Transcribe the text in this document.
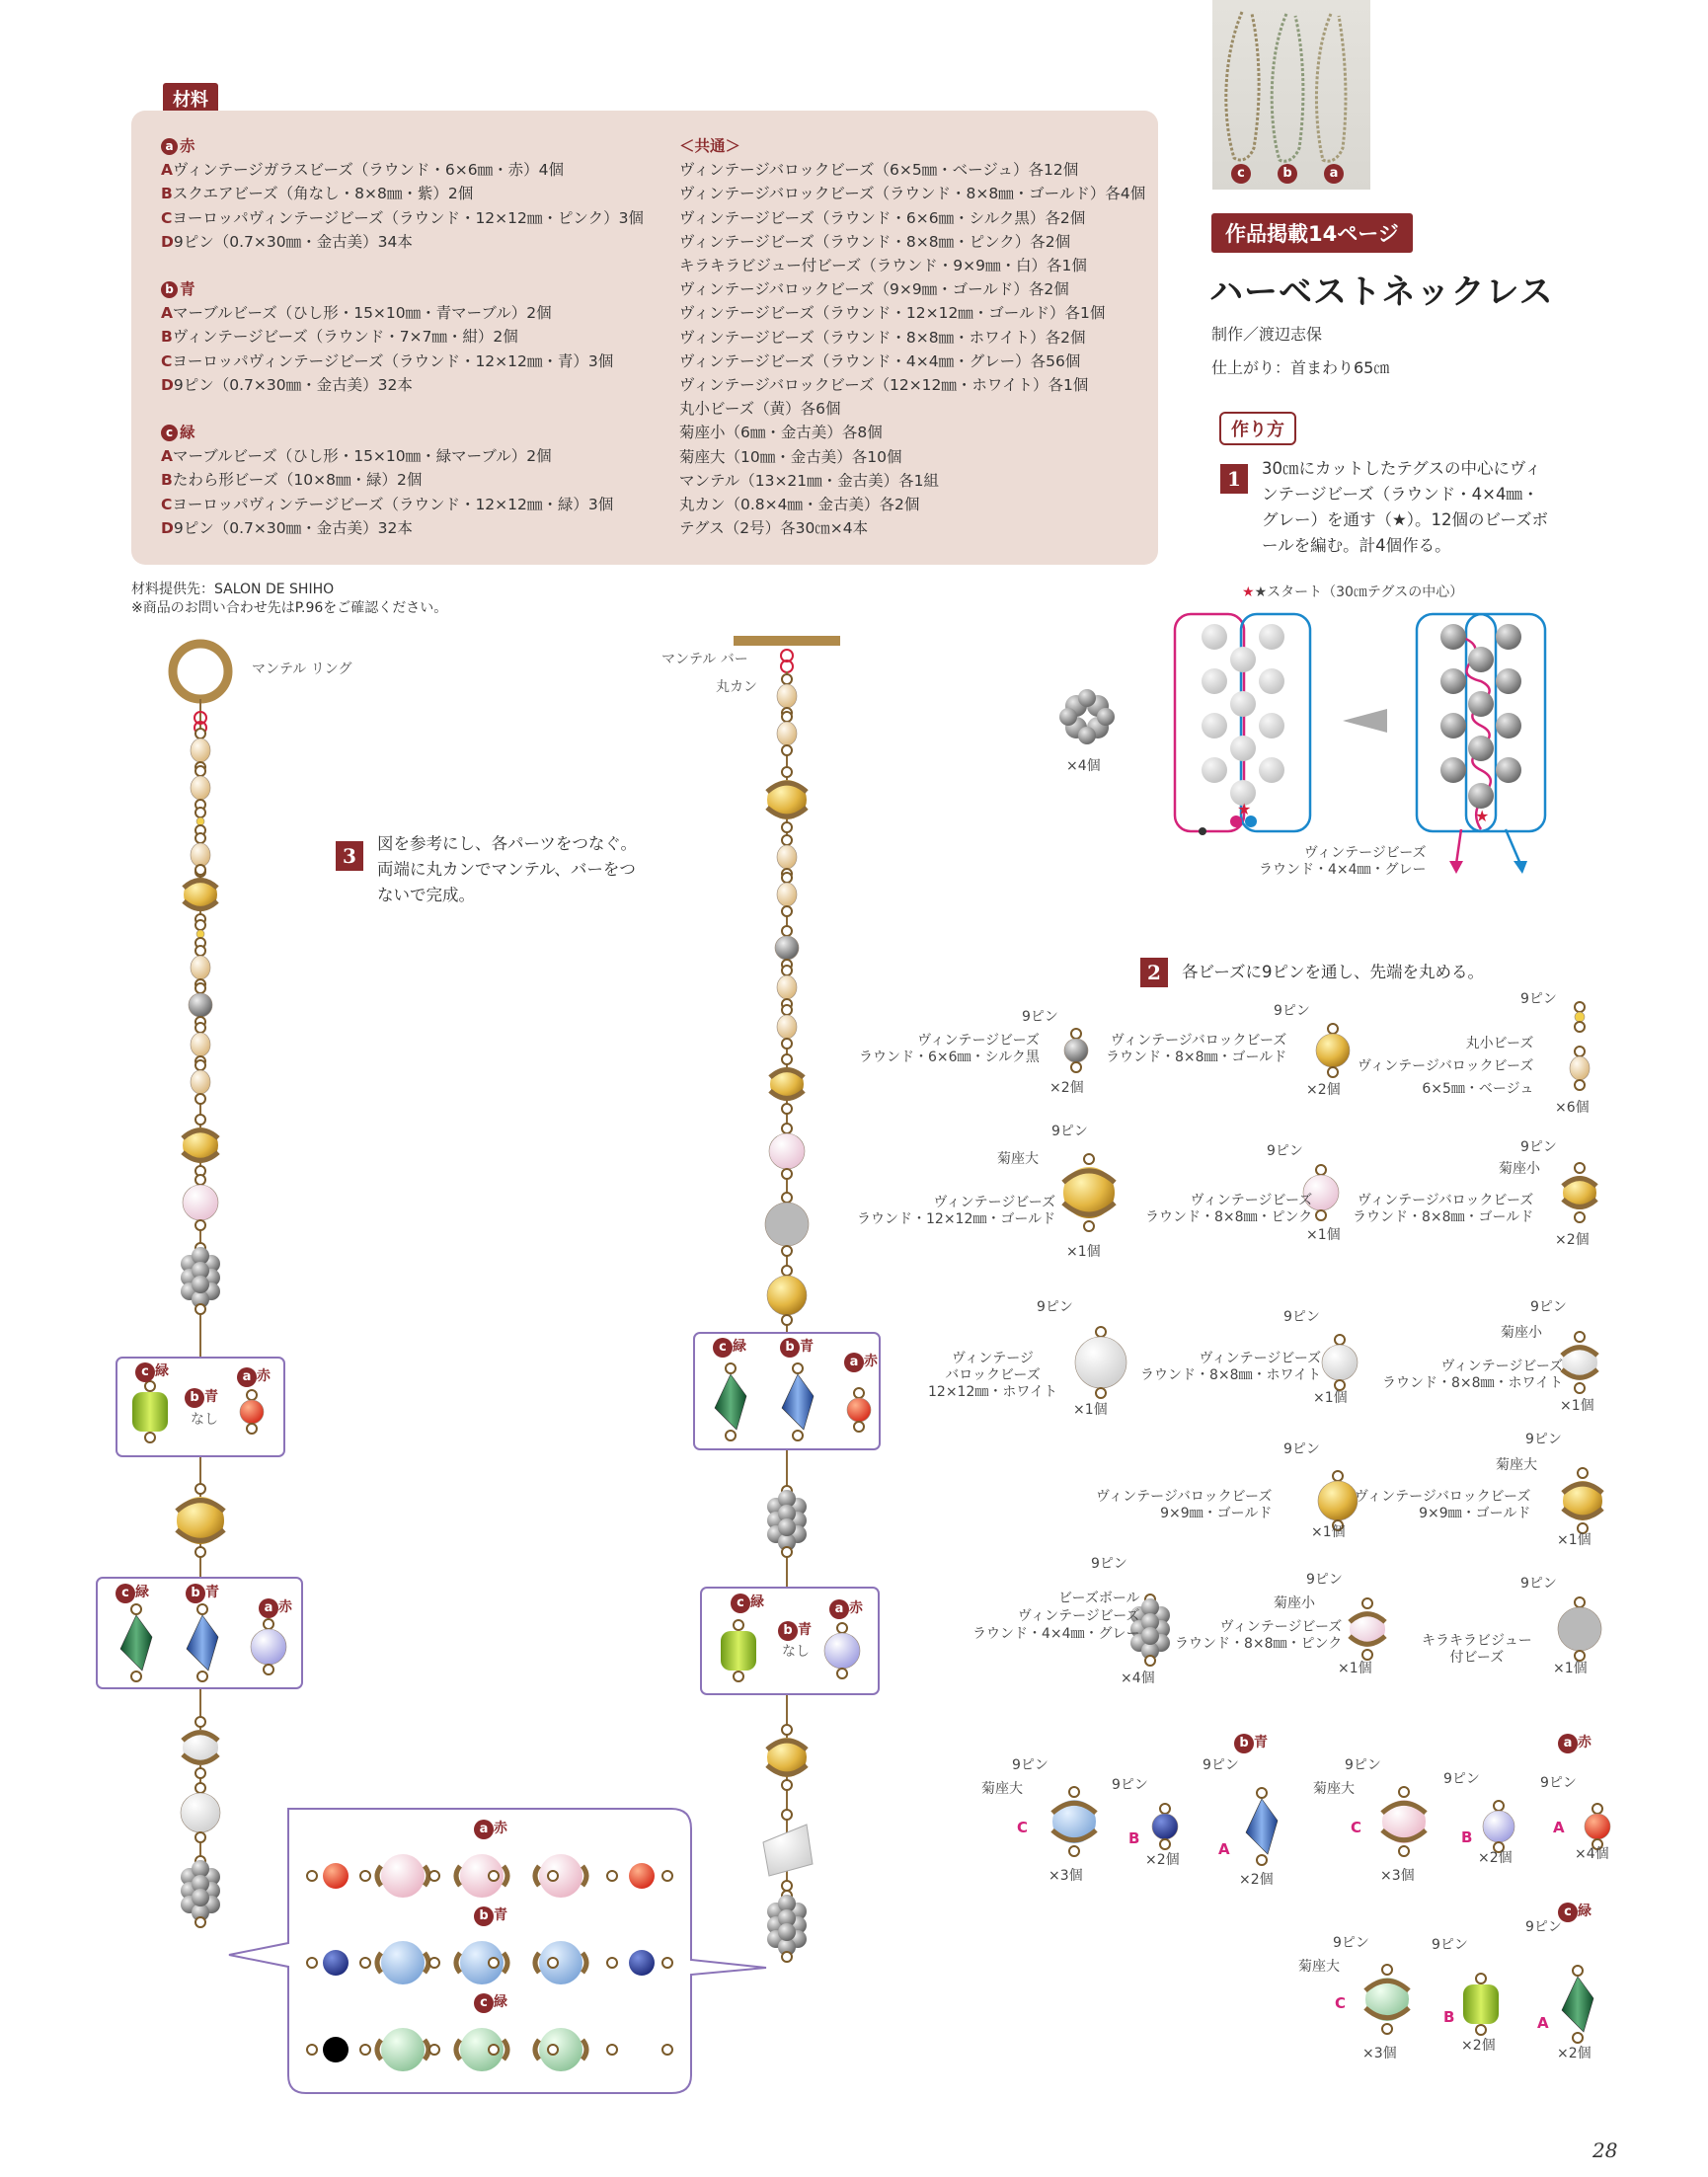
材料
a 赤
Aヴィンテージガラスビーズ（ラウンド・6×6㎜・赤）4個
Bスクエアビーズ（角なし・8×8㎜・紫）2個
Cヨーロッパヴィンテージビーズ（ラウンド・12×12㎜・ピンク）3個
D9ピン（0.7×30㎜・金古美）34本
b 青
Aマーブルビーズ（ひし形・15×10㎜・青マーブル）2個
Bヴィンテージビーズ（ラウンド・7×7㎜・紺）2個
Cヨーロッパヴィンテージビーズ（ラウンド・12×12㎜・青）3個
D9ピン（0.7×30㎜・金古美）32本
c 緑
Aマーブルビーズ（ひし形・15×10㎜・緑マーブル）2個
Bたわら形ビーズ（10×8㎜・緑）2個
Cヨーロッパヴィンテージビーズ（ラウンド・12×12㎜・緑）3個
D9ピン（0.7×30㎜・金古美）32本
＜共通＞
ヴィンテージバロックビーズ（6×5㎜・ベージュ）各12個
ヴィンテージバロックビーズ（ラウンド・8×8㎜・ゴールド）各4個
ヴィンテージビーズ（ラウンド・6×6㎜・シルク黒）各2個
ヴィンテージビーズ（ラウンド・8×8㎜・ピンク）各2個
キラキラビジュー付ビーズ（ラウンド・9×9㎜・白）各1個
ヴィンテージバロックビーズ（9×9㎜・ゴールド）各2個
ヴィンテージビーズ（ラウンド・12×12㎜・ゴールド）各1個
ヴィンテージビーズ（ラウンド・8×8㎜・ホワイト）各2個
ヴィンテージビーズ（ラウンド・4×4㎜・グレー）各56個
ヴィンテージバロックビーズ（12×12㎜・ホワイト）各1個
丸小ビーズ（黄）各6個
菊座小（6㎜・金古美）各8個
菊座大（10㎜・金古美）各10個
マンテル（13×21㎜・金古美）各1組
丸カン（0.8×4㎜・金古美）各2個
テグス（2号）各30㎝×4本
材料提供先：SALON DE SHIHO
※商品のお問い合わせ先はP.96をご確認ください。
c	b	a
作品掲載14ページ
ハーベストネックレス
制作／渡辺志保
仕上がり：首まわり65㎝
作り方
1	30㎝にカットしたテグスの中心にヴィンテージビーズ（ラウンド・4×4㎜・グレー）を通す（★）。12個のビーズボールを編む。計4個作る。
★★スタート（30㎝テグスの中心）
★	★
×4個
ヴィンテージビーズ
ラウンド・4×4㎜・グレー
2	各ビーズに9ピンを通し、先端を丸める。
3
図を参考にし、各パーツをつなぐ。両端に丸カンでマンテル、バーをつないで完成。
マンテル リング
マンテル バー
丸カン
c 緑
b 青
なし
a 赤
c 緑	b 青
a 赤
c 緑	b 青
a 赤
c 緑
b 青
なし
a 赤
a 赤
b 青
c 緑
9ピン
ヴィンテージビーズ
ラウンド・6×6㎜・シルク黒
×2個
9ピン
ヴィンテージバロックビーズ
ラウンド・8×8㎜・ゴールド
×2個
9ピン
丸小ビーズ
ヴィンテージバロックビーズ
6×5㎜・ベージュ
×6個
9ピン
菊座大
ヴィンテージビーズ
ラウンド・12×12㎜・ゴールド
×1個
9ピン
ヴィンテージビーズ
ラウンド・8×8㎜・ピンク
×1個
9ピン
菊座小
ヴィンテージバロックビーズ
ラウンド・8×8㎜・ゴールド
×2個
9ピン
ヴィンテージ
バロックビーズ
12×12㎜・ホワイト
×1個
9ピン
ヴィンテージビーズ
ラウンド・8×8㎜・ホワイト
×1個
9ピン
菊座小
ヴィンテージビーズ
ラウンド・8×8㎜・ホワイト
×1個
9ピン
ヴィンテージバロックビーズ
9×9㎜・ゴールド
×1個
9ピン
菊座大
ヴィンテージバロックビーズ
9×9㎜・ゴールド
×1個
9ピン
ビーズボール
ヴィンテージビーズ
ラウンド・4×4㎜・グレー
×4個
9ピン
菊座小
ヴィンテージビーズ
ラウンド・8×8㎜・ピンク
×1個
9ピン
キラキラビジュー
付ビーズ
×1個
b 青	a 赤
c 緑
9ピン
菊座大
C
×3個
9ピン
B
×2個
9ピン
A
×2個
9ピン
菊座大
C
×3個
9ピン
B
×2個
9ピン
A
×4個
9ピン
菊座大
C
×3個
9ピン
B
×2個
9ピン
A
×2個
28
